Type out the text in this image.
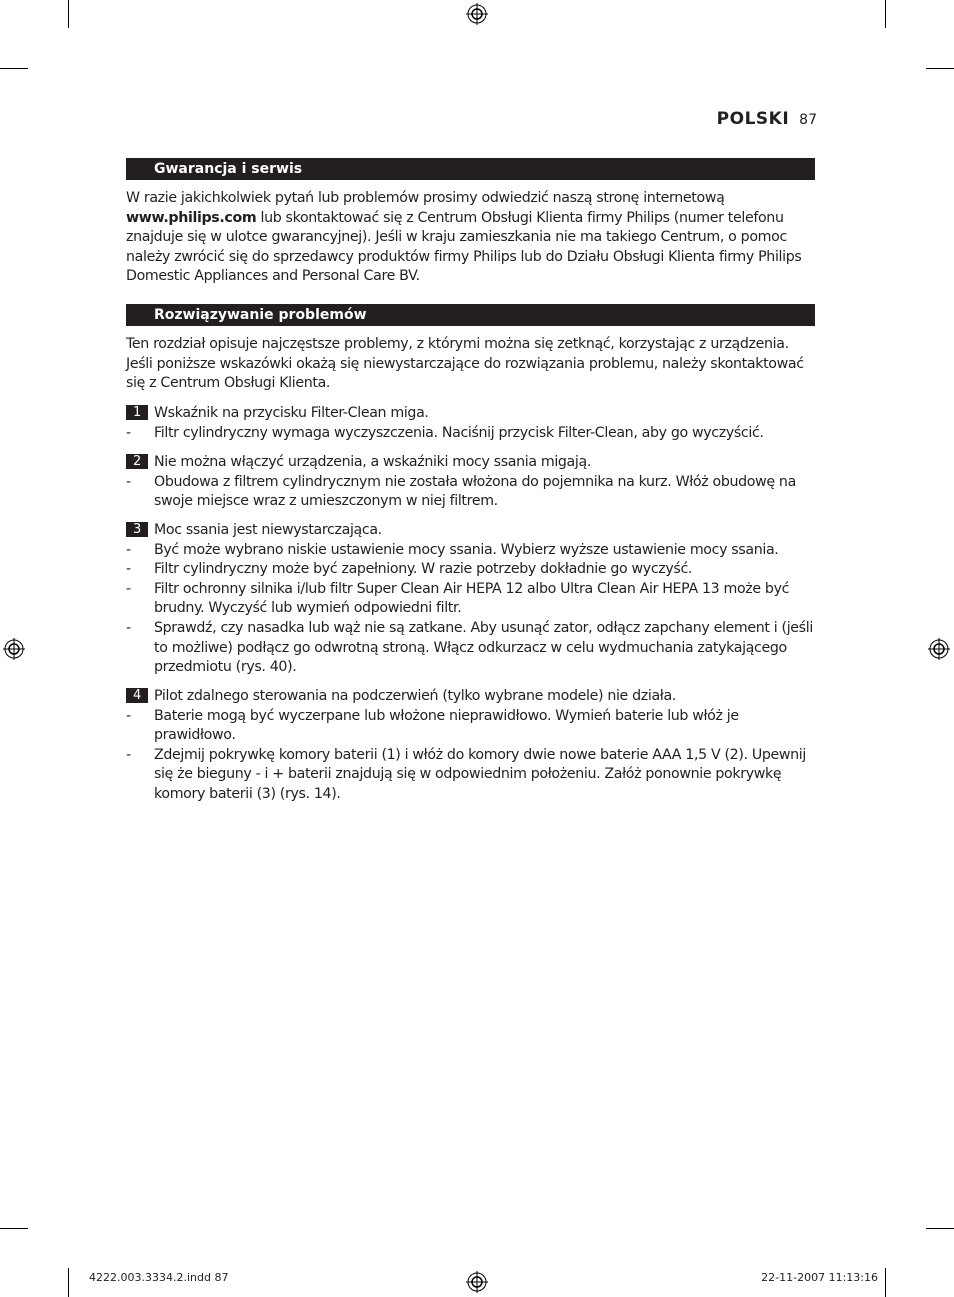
POLSKI 87
Gwarancja i serwis
W razie jakichkolwiek pytań lub problemów prosimy odwiedzić naszą stronę internetową www.philips.com lub skontaktować się z Centrum Obsługi Klienta firmy Philips (numer telefonu znajduje się w ulotce gwarancyjnej). Jeśli w kraju zamieszkania nie ma takiego Centrum, o pomoc należy zwrócić się do sprzedawcy produktów firmy Philips lub do Działu Obsługi Klienta firmy Philips Domestic Appliances and Personal Care BV.
Rozwiązywanie problemów
Ten rozdział opisuje najczęstsze problemy, z którymi można się zetknąć, korzystając z urządzenia. Jeśli poniższe wskazówki okażą się niewystarczające do rozwiązania problemu, należy skontaktować się z Centrum Obsługi Klienta.
1 Wskaźnik na przycisku Filter-Clean miga.
- Filtr cylindryczny wymaga wyczyszczenia. Naciśnij przycisk Filter-Clean, aby go wyczyścić.
2 Nie można włączyć urządzenia, a wskaźniki mocy ssania migają.
- Obudowa z filtrem cylindrycznym nie została włożona do pojemnika na kurz. Włóż obudowę na swoje miejsce wraz z umieszczonym w niej filtrem.
3 Moc ssania jest niewystarczająca.
- Być może wybrano niskie ustawienie mocy ssania. Wybierz wyższe ustawienie mocy ssania.
- Filtr cylindryczny może być zapełniony. W razie potrzeby dokładnie go wyczyść.
- Filtr ochronny silnika i/lub filtr Super Clean Air HEPA 12 albo Ultra Clean Air HEPA 13 może być brudny. Wyczyść lub wymień odpowiedni filtr.
- Sprawdź, czy nasadka lub wąż nie są zatkane. Aby usunąć zator, odłącz zapchany element i (jeśli to możliwe) podłącz go odwrotną stroną. Włącz odkurzacz w celu wydmuchania zatykającego przedmiotu (rys. 40).
4 Pilot zdalnego sterowania na podczerwień (tylko wybrane modele) nie działa.
- Baterie mogą być wyczerpane lub włożone nieprawidłowo. Wymień baterie lub włóż je prawidłowo.
- Zdejmij pokrywkę komory baterii (1) i włóż do komory dwie nowe baterie AAA 1,5 V (2). Upewnij się że bieguny - i + baterii znajdują się w odpowiednim położeniu. Załóż ponownie pokrywkę komory baterii (3) (rys. 14).
4222.003.3334.2.indd 87	22-11-2007 11:13:16
